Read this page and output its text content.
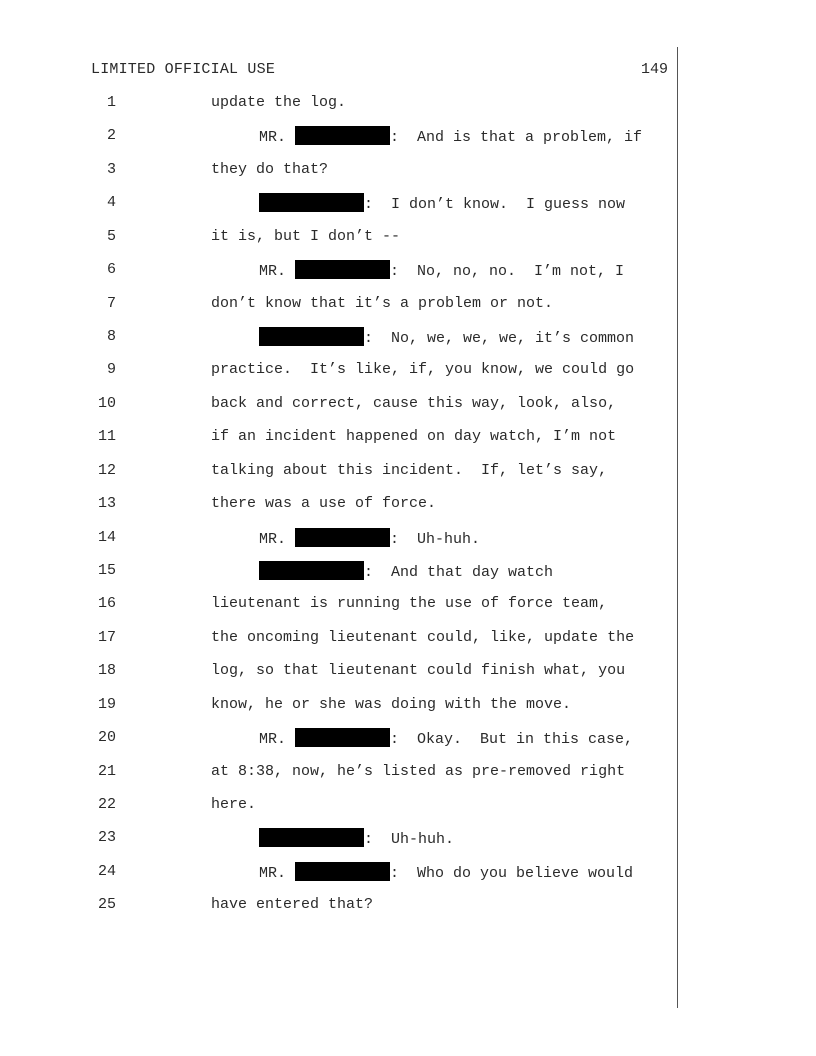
LIMITED OFFICIAL USE	149
1	update the log.
2	MR.	:  And is that a problem, if
3	they do that?
4	:  I don’t know.  I guess now
5	it is, but I don’t --
6	MR.	:  No, no, no.  I’m not, I
7	don’t know that it’s a problem or not.
8	:  No, we, we, we, it’s common
9	practice.  It’s like, if, you know, we could go
10	back and correct, cause this way, look, also,
11	if an incident happened on day watch, I’m not
12	talking about this incident.  If, let’s say,
13	there was a use of force.
14	MR.	:  Uh-huh.
15	:  And that day watch
16	lieutenant is running the use of force team,
17	the oncoming lieutenant could, like, update the
18	log, so that lieutenant could finish what, you
19	know, he or she was doing with the move.
20	MR.	:  Okay.  But in this case,
21	at 8:38, now, he’s listed as pre-removed right
22	here.
23	:  Uh-huh.
24	MR.	:  Who do you believe would
25	have entered that?
